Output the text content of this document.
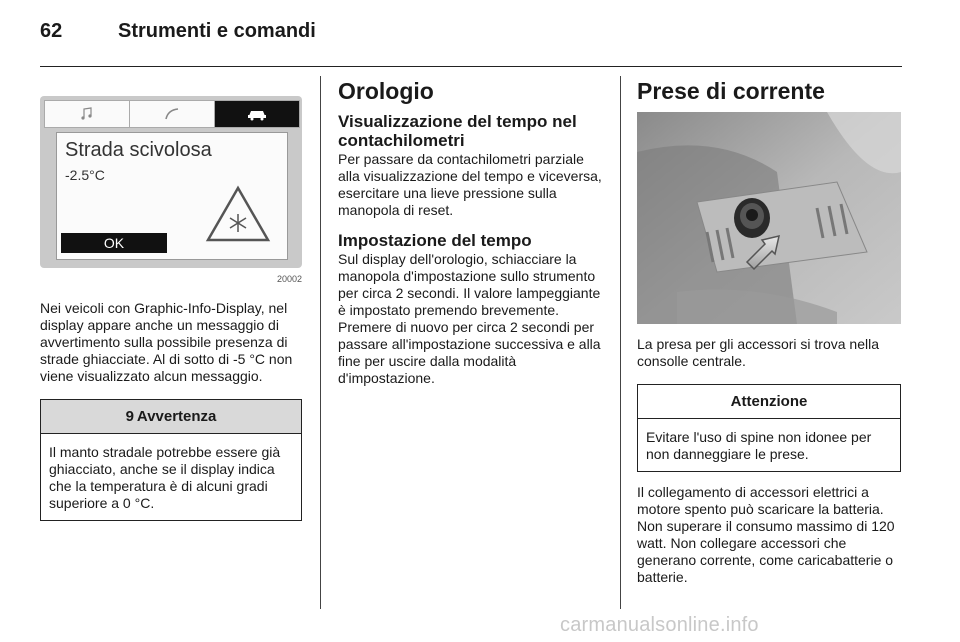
62	Strumenti e comandi
Strada scivolosa
-2.5°C
OK
20002

Nei veicoli con Graphic-Info-Display, nel display appare anche un messaggio di avvertimento sulla possibile presenza di strade ghiacciate. Al di sotto di -5 °C non viene visualizzato alcun messaggio.

9 Avvertenza
Il manto stradale potrebbe essere già ghiacciato, anche se il display indica che la temperatura è di alcuni gradi superiore a 0 °C.
Orologio
Visualizzazione del tempo nel contachilometri

Per passare da contachilometri parziale alla visualizzazione del tempo e viceversa, esercitare una lieve pressione sulla manopola di reset.

Impostazione del tempo

Sul display dell'orologio, schiacciare la manopola d'impostazione sullo strumento per circa 2 secondi. Il valore lampeggiante è impostato premendo brevemente. Premere di nuovo per circa 2 secondi per passare all'impostazione successiva e alla fine per uscire dalla modalità d'impostazione.

Prese di corrente

La presa per gli accessori si trova nella consolle centrale.

Attenzione
Evitare l'uso di spine non idonee per non danneggiare le prese.

Il collegamento di accessori elettrici a motore spento può scaricare la batteria. Non superare il consumo massimo di 120 watt. Non collegare accessori che generano corrente, come caricabatterie o batterie.

carmanualsonline.info
